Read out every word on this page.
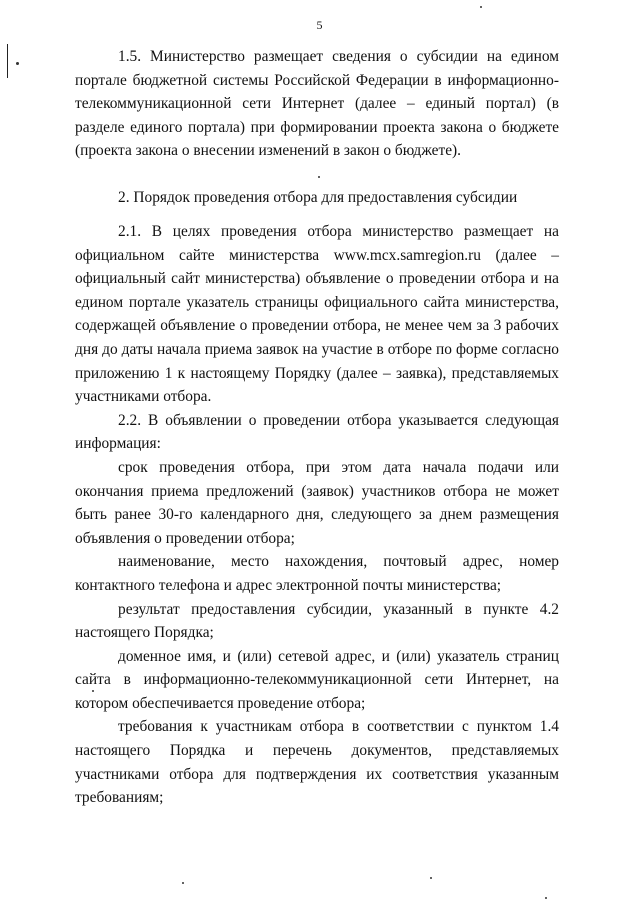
5

1.5. Министерство размещает сведения о субсидии на едином портале бюджетной системы Российской Федерации в информационно-телекоммуникационной сети Интернет (далее – единый портал) (в разделе единого портала) при формировании проекта закона о бюджете (проекта закона о внесении изменений в закон о бюджете).

2. Порядок проведения отбора для предоставления субсидии

2.1. В целях проведения отбора министерство размещает на официальном сайте министерства www.mcx.samregion.ru (далее – официальный сайт министерства) объявление о проведении отбора и на едином портале указатель страницы официального сайта министерства, содержащей объявление о проведении отбора, не менее чем за 3 рабочих дня до даты начала приема заявок на участие в отборе по форме согласно приложению 1 к настоящему Порядку (далее – заявка), представляемых участниками отбора.

2.2. В объявлении о проведении отбора указывается следующая информация:

срок проведения отбора, при этом дата начала подачи или окончания приема предложений (заявок) участников отбора не может быть ранее 30-го календарного дня, следующего за днем размещения объявления о проведении отбора;

наименование, место нахождения, почтовый адрес, номер контактного телефона и адрес электронной почты министерства;

результат предоставления субсидии, указанный в пункте 4.2 настоящего Порядка;

доменное имя, и (или) сетевой адрес, и (или) указатель страниц сайта в информационно-телекоммуникационной сети Интернет, на котором обеспечивается проведение отбора;

требования к участникам отбора в соответствии с пунктом 1.4 настоящего Порядка и перечень документов, представляемых участниками отбора для подтверждения их соответствия указанным требованиям;
